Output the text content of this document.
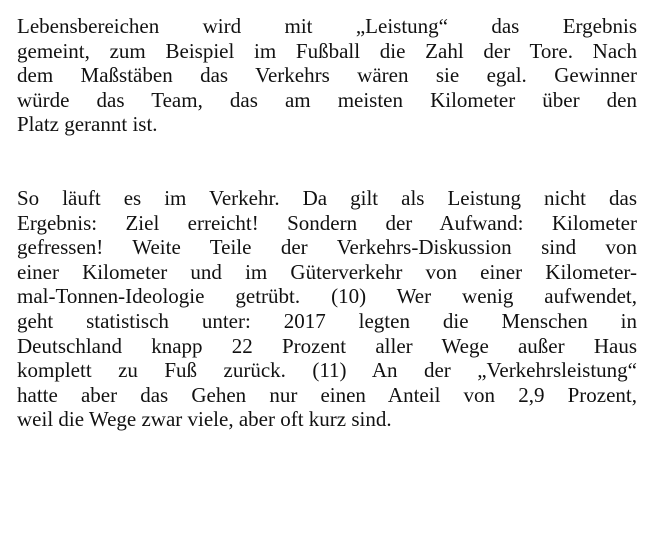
Lebensbereichen wird mit „Leistung“ das Ergebnis
gemeint, zum Beispiel im Fußball die Zahl der Tore. Nach
dem Maßstäben das Verkehrs wären sie egal. Gewinner
würde das Team, das am meisten Kilometer über den
Platz gerannt ist.
So läuft es im Verkehr. Da gilt als Leistung nicht das
Ergebnis: Ziel erreicht! Sondern der Aufwand: Kilometer
gefressen! Weite Teile der Verkehrs-Diskussion sind von
einer Kilometer und im Güterverkehr von einer Kilometer-
mal-Tonnen-Ideologie getrübt. (10) Wer wenig aufwendet,
geht statistisch unter: 2017 legten die Menschen in
Deutschland knapp 22 Prozent aller Wege außer Haus
komplett zu Fuß zurück. (11) An der „Verkehrsleistung“
hatte aber das Gehen nur einen Anteil von 2,9 Prozent,
weil die Wege zwar viele, aber oft kurz sind.
